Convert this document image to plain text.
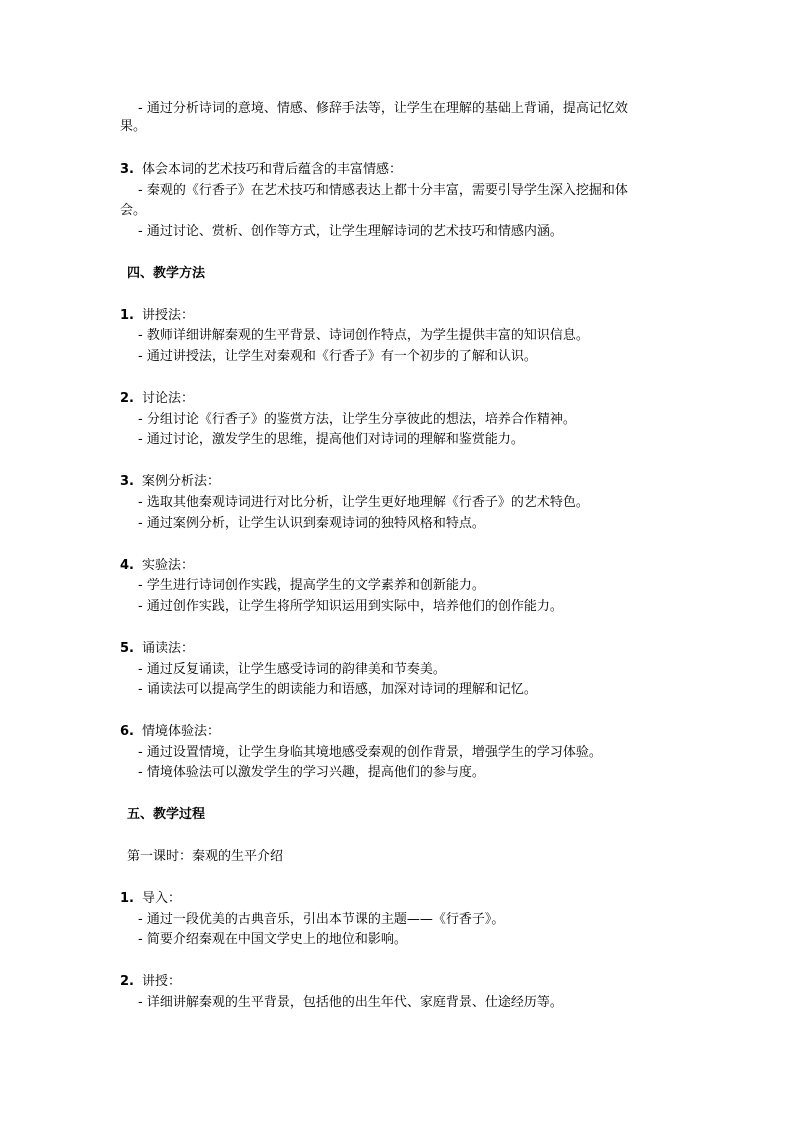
- 通过分析诗词的意境、情感、修辞手法等，让学生在理解的基础上背诵，提高记忆效
果。
3. 体会本词的艺术技巧和背后蕴含的丰富情感：
- 秦观的《行香子》在艺术技巧和情感表达上都十分丰富，需要引导学生深入挖掘和体
会。
- 通过讨论、赏析、创作等方式，让学生理解诗词的艺术技巧和情感内涵。
四、教学方法
1. 讲授法：
- 教师详细讲解秦观的生平背景、诗词创作特点，为学生提供丰富的知识信息。
- 通过讲授法，让学生对秦观和《行香子》有一个初步的了解和认识。
2. 讨论法：
- 分组讨论《行香子》的鉴赏方法，让学生分享彼此的想法，培养合作精神。
- 通过讨论，激发学生的思维，提高他们对诗词的理解和鉴赏能力。
3. 案例分析法：
- 选取其他秦观诗词进行对比分析，让学生更好地理解《行香子》的艺术特色。
- 通过案例分析，让学生认识到秦观诗词的独特风格和特点。
4. 实验法：
- 学生进行诗词创作实践，提高学生的文学素养和创新能力。
- 通过创作实践，让学生将所学知识运用到实际中，培养他们的创作能力。
5. 诵读法：
- 通过反复诵读，让学生感受诗词的韵律美和节奏美。
- 诵读法可以提高学生的朗读能力和语感，加深对诗词的理解和记忆。
6. 情境体验法：
- 通过设置情境，让学生身临其境地感受秦观的创作背景，增强学生的学习体验。
- 情境体验法可以激发学生的学习兴趣，提高他们的参与度。
五、教学过程
第一课时：秦观的生平介绍
1. 导入：
- 通过一段优美的古典音乐，引出本节课的主题——《行香子》。
- 简要介绍秦观在中国文学史上的地位和影响。
2. 讲授：
- 详细讲解秦观的生平背景，包括他的出生年代、家庭背景、仕途经历等。
